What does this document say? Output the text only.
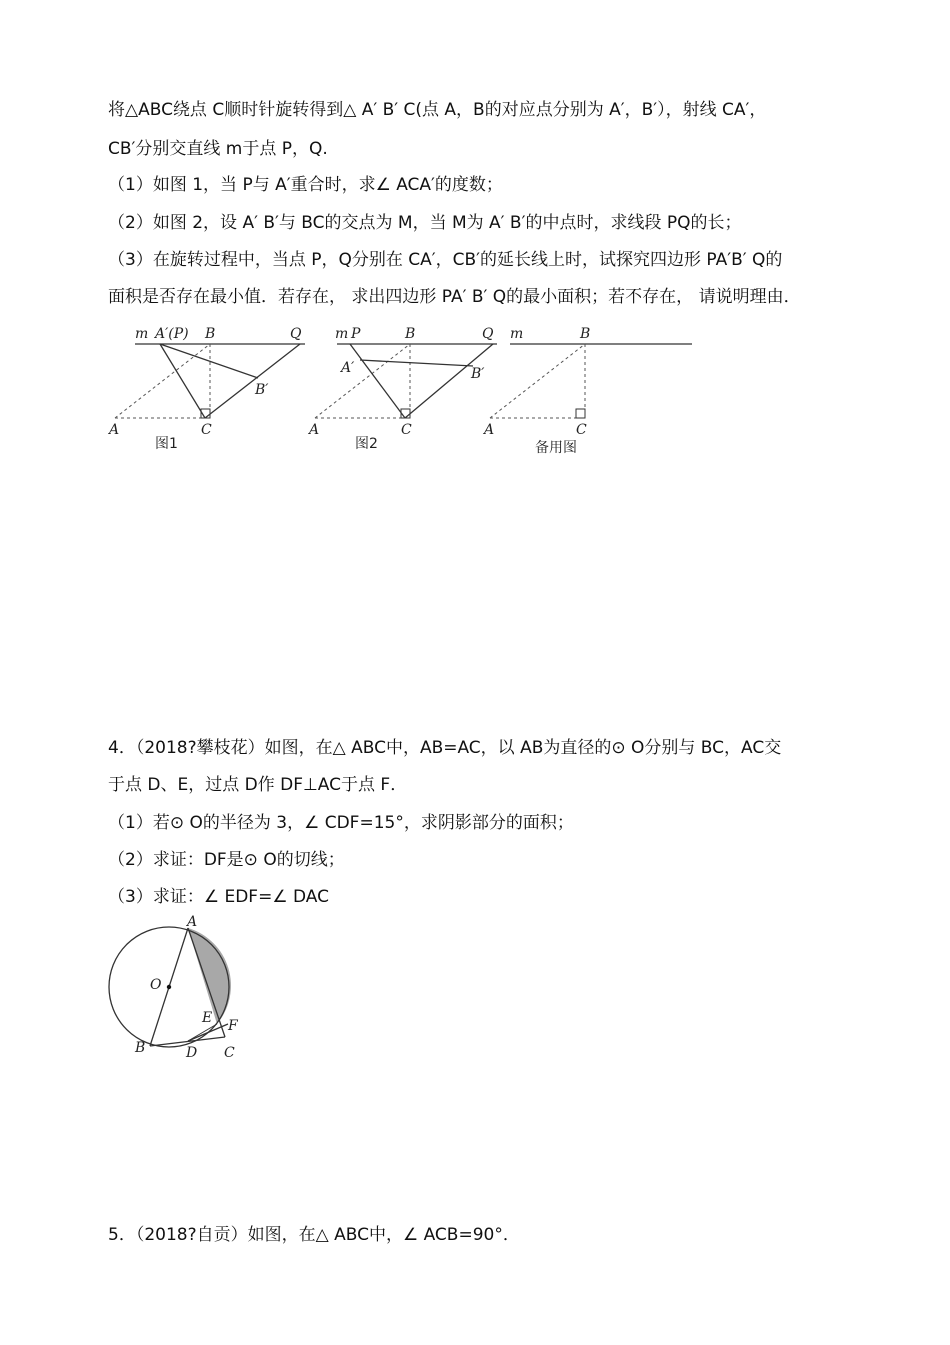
将△ABC绕点 C顺时针旋转得到△ A′ B′ C(点 A，B的对应点分别为 A′，B′），射线 CA′，
CB′分别交直线 m于点 P，Q.
（1）如图 1，当 P与 A′重合时，求∠ ACA′的度数；
（2）如图 2，设 A′ B′与 BC的交点为 M，当 M为 A′ B′的中点时，求线段 PQ的长；
（3）在旋转过程中，当点 P，Q分别在 CA′，CB′的延长线上时，试探究四边形 PA′B′ Q的
面积是否存在最小值．若存在， 求出四边形 PA′ B′ Q的最小面积；若不存在， 请说明理由．
m A′(P) B	Q
B′
A	C
图1
m P	B	Q
A′	B′
A	C
图2
m	B
A	C
备用图
4．（2018?攀枝花）如图，在△ ABC中，AB=AC，以 AB为直径的⊙ O分别与 BC，AC交
于点 D、E，过点 D作 DF⊥AC于点 F．
（1）若⊙ O的半径为 3，∠ CDF=15°，求阴影部分的面积；
（2）求证：DF是⊙ O的切线；
（3）求证：∠ EDF=∠ DAC
A
O
E F
B	D C
5．（2018?自贡）如图，在△ ABC中，∠ ACB=90°．
